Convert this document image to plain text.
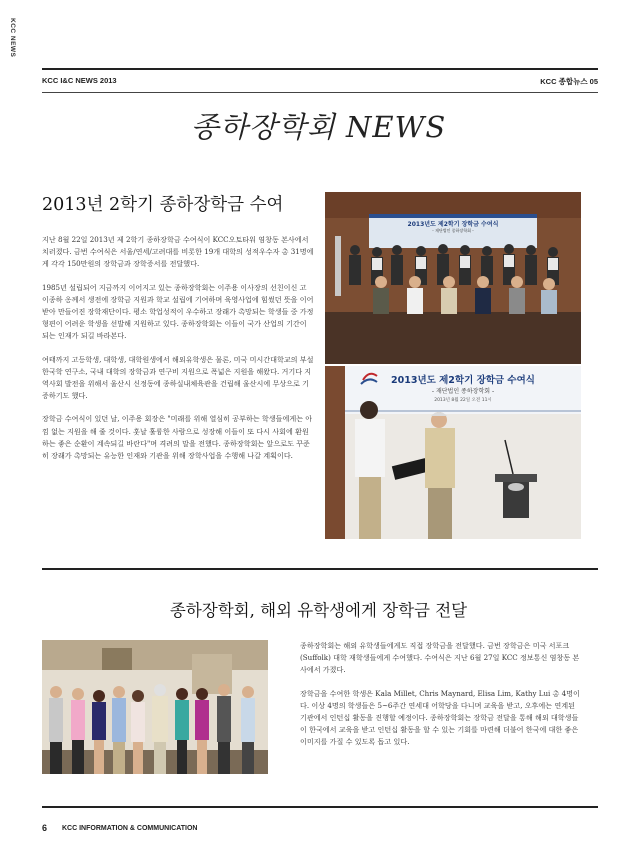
KCC NEWS
KCC I&C NEWS 2013	KCC 종합뉴스 05
종하장학회 NEWS
2013년 2학기 종하장학금 수여

지난 8월 22일 2013년 제 2학기 종하장학금 수여식이 KCC오토타워 염창동 본사에서 치러졌다. 금번 수여식은 서울/연세/고려대를 비롯한 19개 대학의 성적우수자 총 31명에게 각각 150만원의 장학금과 장학증서를 전달했다.

1985년 설립되어 지금까지 이어지고 있는 종하장학회는 이주용 이사장의 선친이신 고 이종하 옹께서 생전에 장학금 지원과 학교 설립에 기여하며 육영사업에 힘썼던 뜻을 이어받아 만들어진 장학재단이다. 평소 학업성적이 우수하고 장래가 촉망되는 학생들 중 가정형편이 어려운 학생을 선발해 지원하고 있다. 종하장학회는 이들이 국가 산업의 기간이 되는 인재가 되길 바라본다.

여태까지 고등학생, 대학생, 대학원생에서 해외유학생은 물론, 미국 미시간대학교의 부설 한국학 연구소, 국내 대학의 장학금과 연구비 지원으로 폭넓은 지원을 해왔다. 거기다 지역사회 발전을 위해서 울산시 신정동에 종하실내체육관을 건립해 울산시에 무상으로 기증하기도 했다.

장학금 수여식이 있던 날, 이주용 회장은 "미래를 위해 열심히 공부하는 학생들에게는 아낌 없는 지원을 해 줄 것이다. 훗날 훌륭한 사람으로 성장해 이들이 또 다시 사회에 환원하는 좋은 순환이 계속되길 바란다"며 격려의 말을 전했다. 종하장학회는 앞으로도 꾸준히 장래가 촉망되는 유능한 인재와 기관을 위해 장학사업을 수행해 나갈 계획이다.

2013년도 제2학기 장학금 수여식
- 재단법인 종하장학회 -
2013년도 제2학기 장학금 수여식
- 재단법인 종하장학회 -
2013년 8월 22일 오전 11시
종하장학회, 해외 유학생에게 장학금 전달

종하장학회는 해외 유학생들에게도 직접 장학금을 전달했다. 금번 장학금은 미국 서포크(Suffolk) 대학 재학생들에게 수여했다. 수여식은 지난 6월 27일 KCC 정보통신 염창동 본사에서 가졌다.

장학금을 수여한 학생은 Kala Millet, Chris Maynard, Elisa Lim, Kathy Lui 총 4명이다. 이상 4명의 학생들은 5~6주간 연세대 어학당을 다니며 교육을 받고, 오후에는 연계된 기관에서 인턴십 활동을 진행할 예정이다. 종하장학회는 장학금 전달을 통해 해외 대학생들이 한국에서 교육을 받고 인턴십 활동을 할 수 있는 기회를 마련해 더불어 한국에 대한 좋은 이미지를 가질 수 있도록 돕고 있다.

6 KCC INFORMATION & COMMUNICATION
